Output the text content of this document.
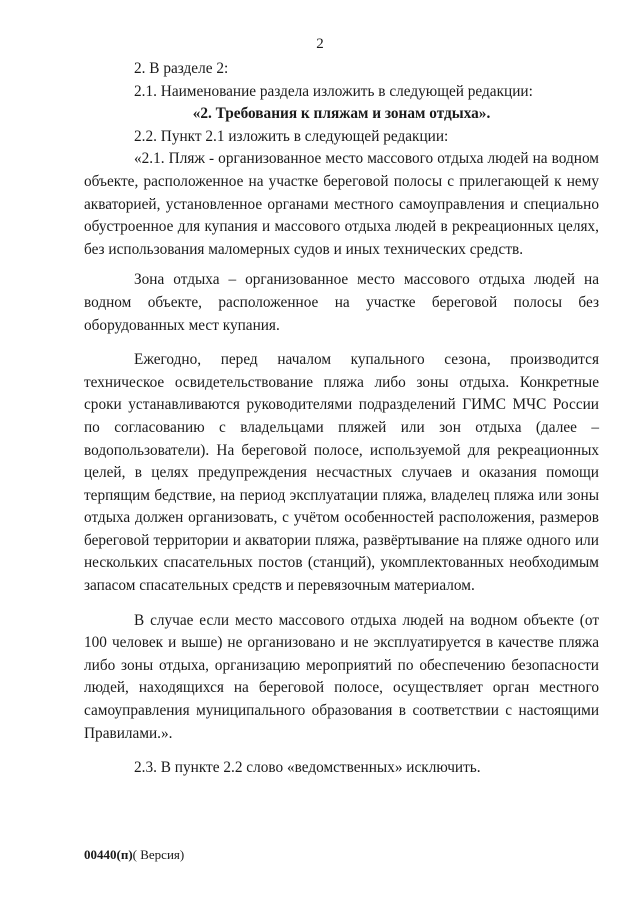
2

2. В разделе 2:

2.1. Наименование раздела изложить в следующей редакции:

«2. Требования к пляжам и зонам отдыха».

2.2. Пункт 2.1 изложить в следующей редакции:

«2.1. Пляж - организованное место массового отдыха людей на водном объекте, расположенное на участке береговой полосы с прилегающей к нему акваторией, установленное органами местного самоуправления и специально обустроенное для купания и массового отдыха людей в рекреационных целях, без использования маломерных судов и иных технических средств.

Зона отдыха – организованное место массового отдыха людей на водном объекте, расположенное на участке береговой полосы без оборудованных мест купания.

Ежегодно, перед началом купального сезона, производится техническое освидетельствование пляжа либо зоны отдыха. Конкретные сроки устанавливаются руководителями подразделений ГИМС МЧС России по согласованию с владельцами пляжей или зон отдыха (далее – водопользователи). На береговой полосе, используемой для рекреационных целей, в целях предупреждения несчастных случаев и оказания помощи терпящим бедствие, на период эксплуатации пляжа, владелец пляжа или зоны отдыха должен организовать, с учётом особенностей расположения, размеров береговой территории и акватории пляжа, развёртывание на пляже одного или нескольких спасательных постов (станций), укомплектованных необходимым запасом спасательных средств и перевязочным материалом.

В случае если место массового отдыха людей на водном объекте (от 100 человек и выше) не организовано и не эксплуатируется в качестве пляжа либо зоны отдыха, организацию мероприятий по обеспечению безопасности людей, находящихся на береговой полосе, осуществляет орган местного самоуправления муниципального образования в соответствии с настоящими Правилами.».

2.3. В пункте 2.2 слово «ведомственных» исключить.

00440(п)( Версия)
